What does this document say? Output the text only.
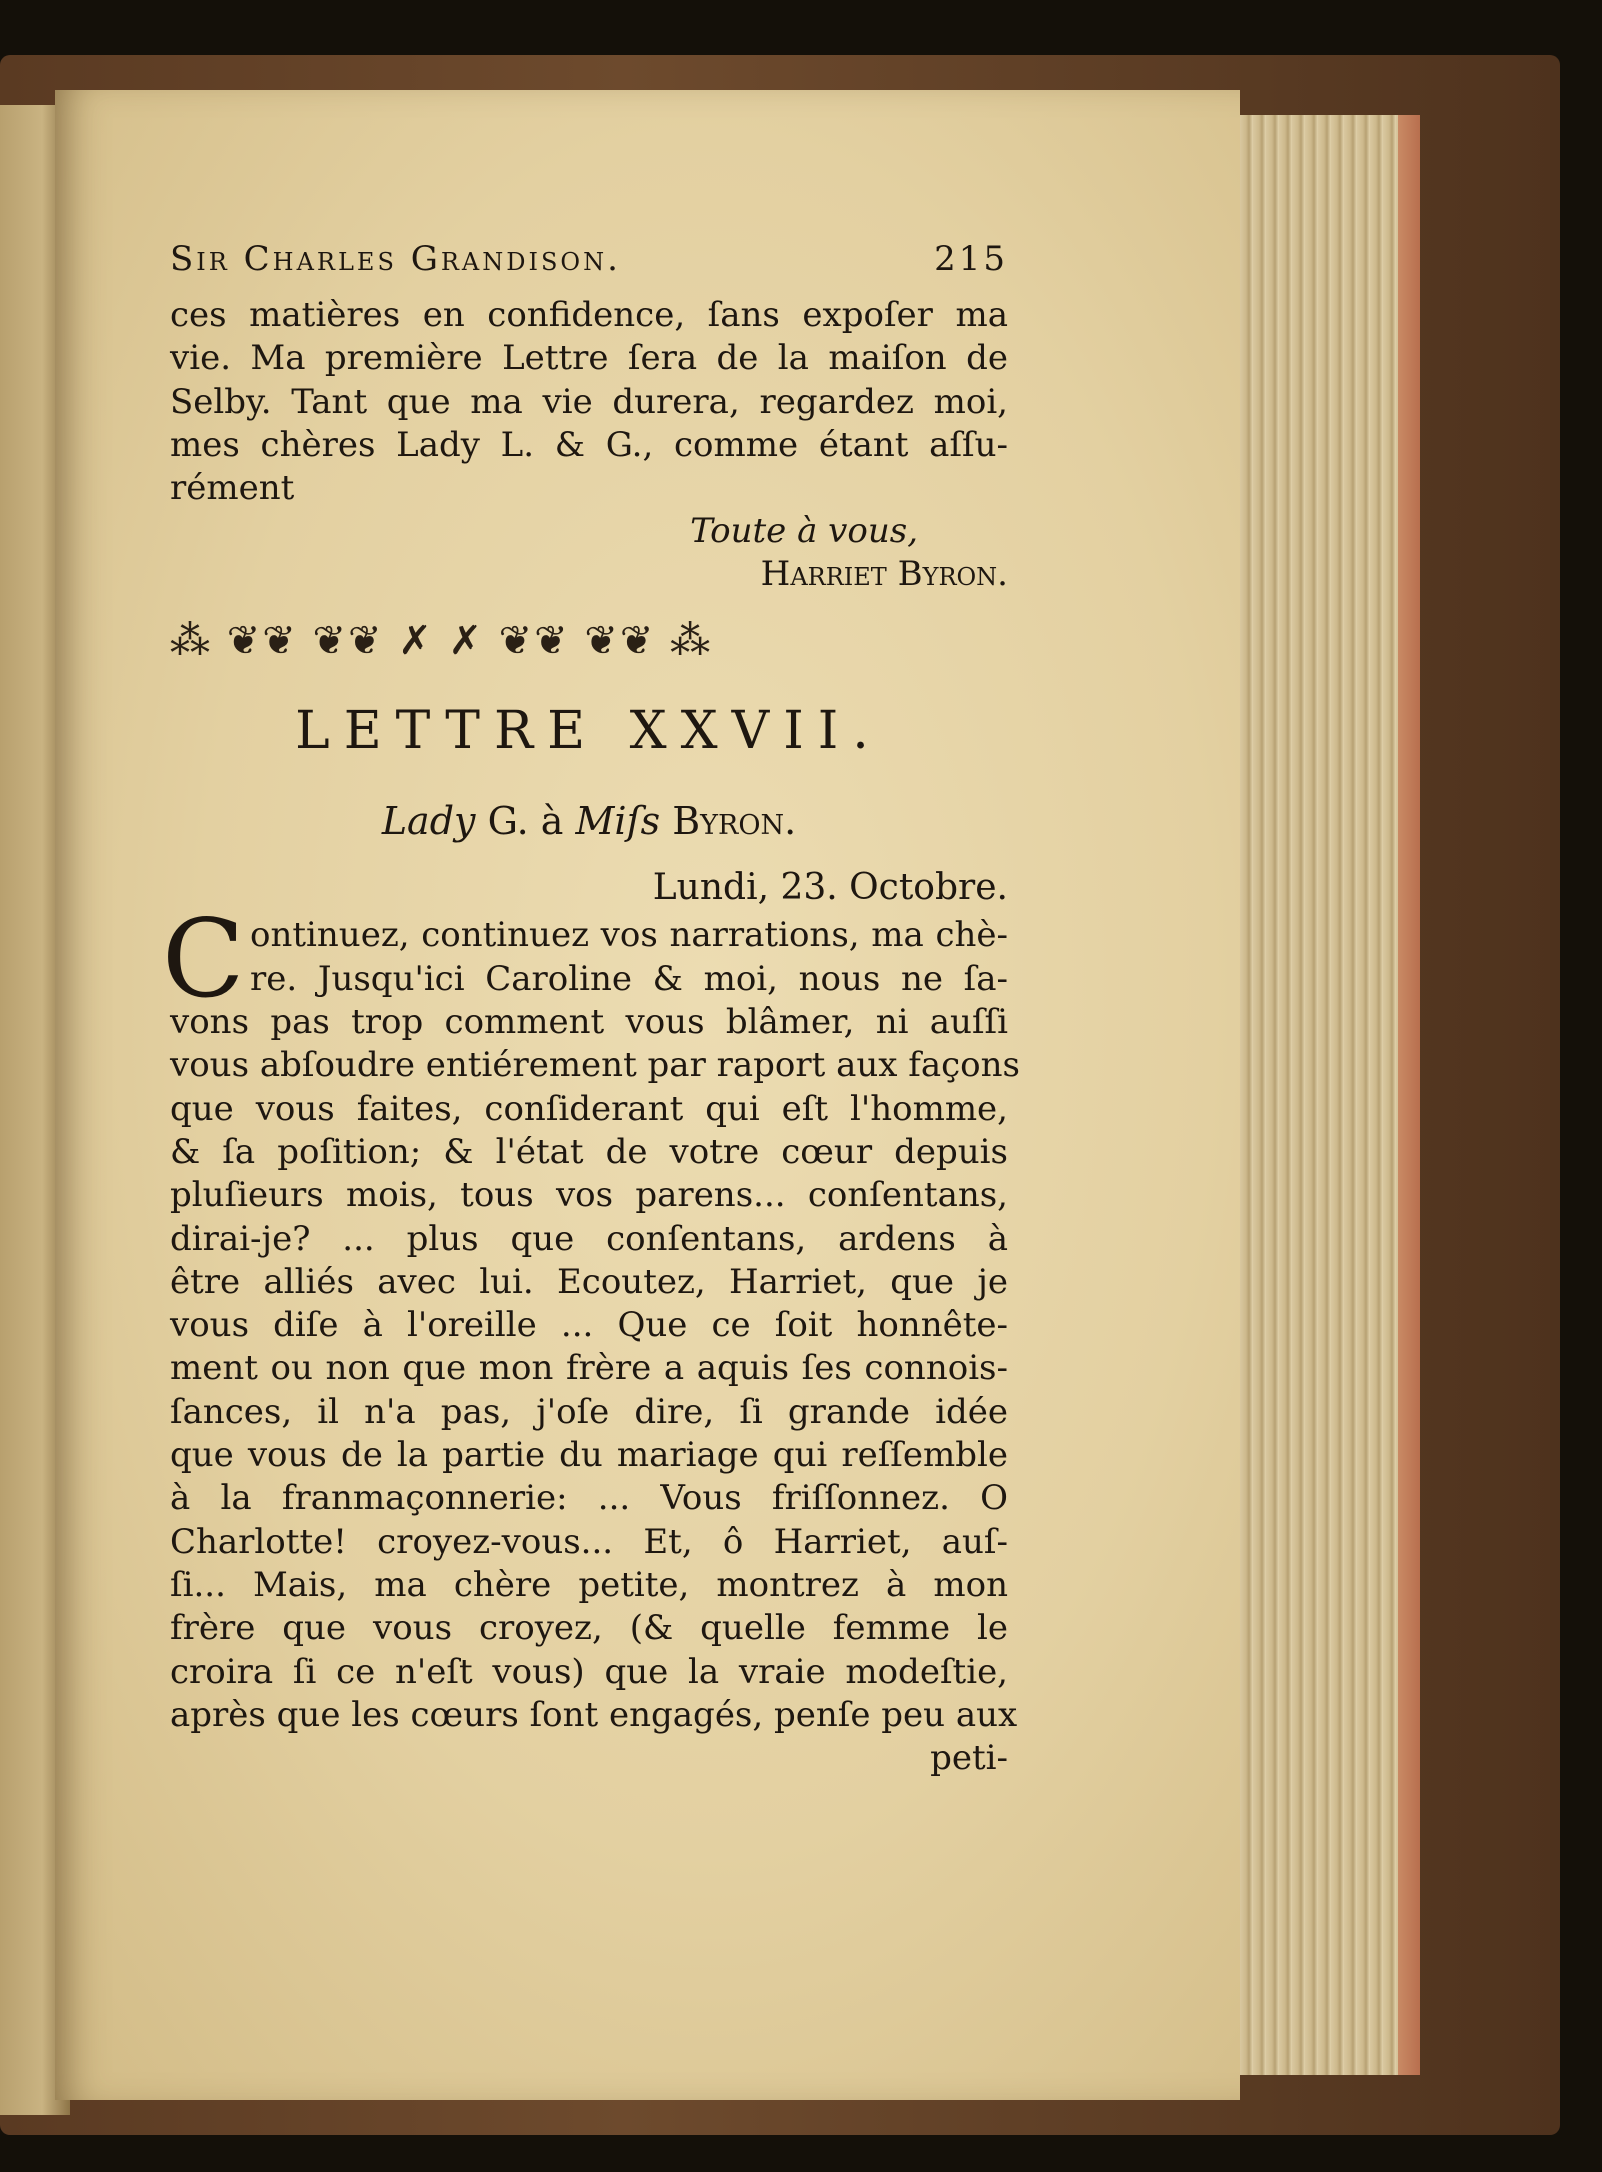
Sir Charles Grandison.	215
ces matières en confidence, ſans expoſer ma
vie. Ma première Lettre ſera de la maiſon de
Selby. Tant que ma vie durera, regardez moi,
mes chères Lady L. & G., comme étant aſſu-
rément
Toute à vous,
Harriet Byron.
⁂ ❦❦ ❦❦ ✗ ✗ ❦❦ ❦❦ ⁂
LETTRE XXVII.
Lady G. à Miſs Byron.
Lundi, 23. Octobre.
C ontinuez, continuez vos narrations, ma chè-
re. Jusqu'ici Caroline & moi, nous ne ſa-
vons pas trop comment vous blâmer, ni auſſi
vous abſoudre entiérement par raport aux façons
que vous faites, conſiderant qui eſt l'homme,
& ſa poſition; & l'état de votre cœur depuis
pluſieurs mois, tous vos parens... conſentans,
dirai-je? ... plus que conſentans, ardens à
être alliés avec lui. Ecoutez, Harriet, que je
vous diſe à l'oreille ... Que ce ſoit honnête-
ment ou non que mon frère a aquis ſes connois-
ſances, il n'a pas, j'oſe dire, ſi grande idée
que vous de la partie du mariage qui reſſemble
à la franmaçonnerie: ... Vous friſſonnez. O
Charlotte! croyez-vous... Et, ô Harriet, auſ-
ſi... Mais, ma chère petite, montrez à mon
frère que vous croyez, (& quelle femme le
croira ſi ce n'eſt vous) que la vraie modeſtie,
après que les cœurs ſont engagés, penſe peu aux
peti-
